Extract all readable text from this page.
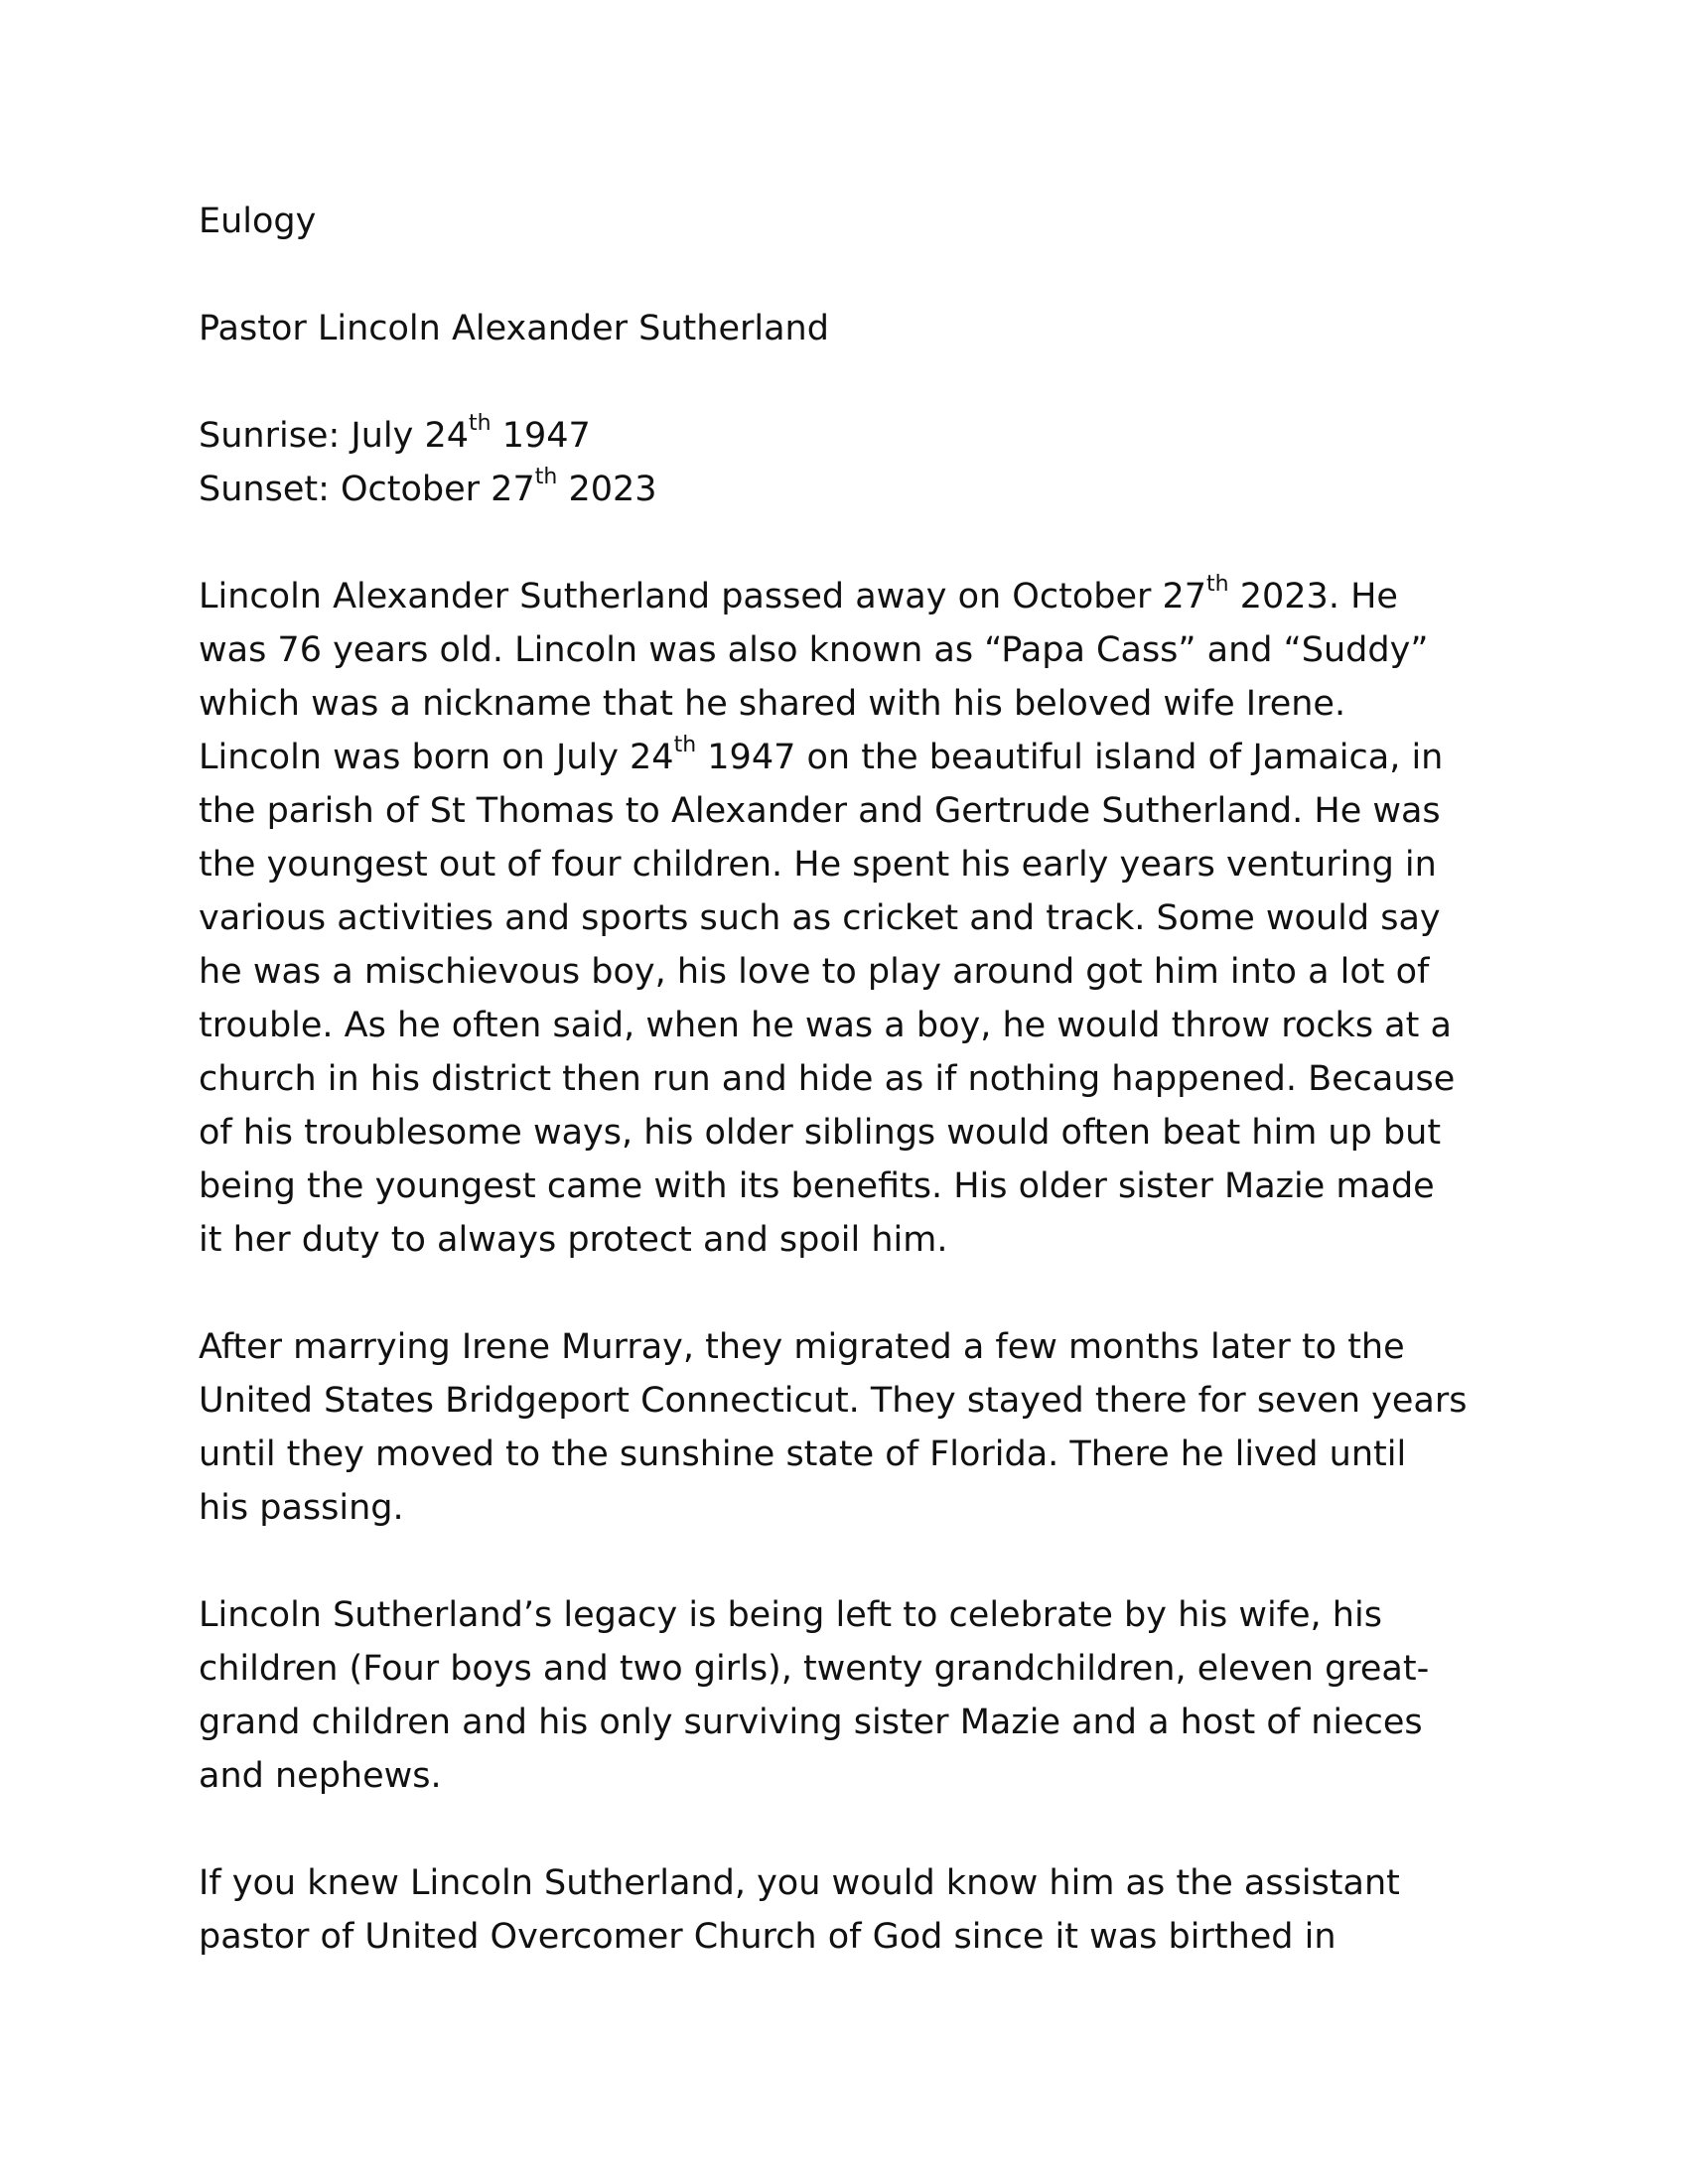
Eulogy

Pastor Lincoln Alexander Sutherland

Sunrise: July 24th 1947
Sunset: October 27th 2023

Lincoln Alexander Sutherland passed away on October 27th 2023. He
was 76 years old. Lincoln was also known as “Papa Cass” and “Suddy”
which was a nickname that he shared with his beloved wife Irene.
Lincoln was born on July 24th 1947 on the beautiful island of Jamaica, in
the parish of St Thomas to Alexander and Gertrude Sutherland. He was
the youngest out of four children. He spent his early years venturing in
various activities and sports such as cricket and track. Some would say
he was a mischievous boy, his love to play around got him into a lot of
trouble. As he often said, when he was a boy, he would throw rocks at a
church in his district then run and hide as if nothing happened. Because
of his troublesome ways, his older siblings would often beat him up but
being the youngest came with its benefits. His older sister Mazie made
it her duty to always protect and spoil him.

After marrying Irene Murray, they migrated a few months later to the
United States Bridgeport Connecticut. They stayed there for seven years
until they moved to the sunshine state of Florida. There he lived until
his passing.

Lincoln Sutherland’s legacy is being left to celebrate by his wife, his
children (Four boys and two girls), twenty grandchildren, eleven great-
grand children and his only surviving sister Mazie and a host of nieces
and nephews.

If you knew Lincoln Sutherland, you would know him as the assistant
pastor of United Overcomer Church of God since it was birthed in
